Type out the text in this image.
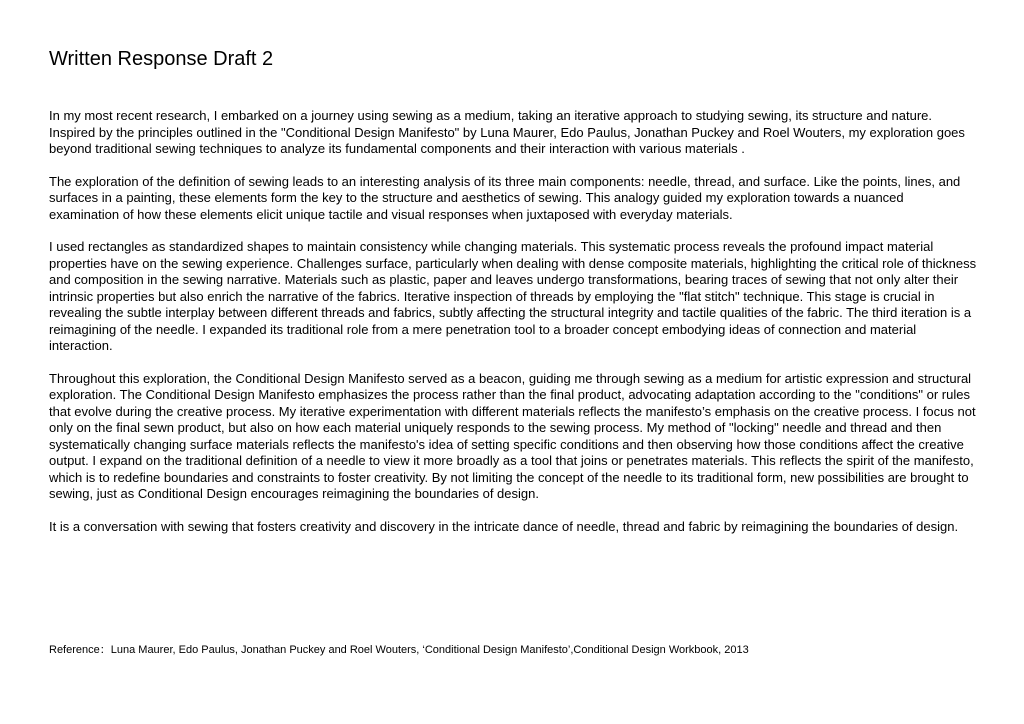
Written Response Draft 2

In my most recent research, I embarked on a journey using sewing as a medium, taking an iterative approach to studying sewing, its structure and nature. Inspired by the principles outlined in the "Conditional Design Manifesto" by Luna Maurer, Edo Paulus, Jonathan Puckey and Roel Wouters, my exploration goes beyond traditional sewing techniques to analyze its fundamental components and their interaction with various materials .

The exploration of the definition of sewing leads to an interesting analysis of its three main components: needle, thread, and surface. Like the points, lines, and surfaces in a painting, these elements form the key to the structure and aesthetics of sewing. This analogy guided my exploration towards a nuanced examination of how these elements elicit unique tactile and visual responses when juxtaposed with everyday materials.

I used rectangles as standardized shapes to maintain consistency while changing materials. This systematic process reveals the profound impact material properties have on the sewing experience. Challenges surface, particularly when dealing with dense composite materials, highlighting the critical role of thickness and composition in the sewing narrative. Materials such as plastic, paper and leaves undergo transformations, bearing traces of sewing that not only alter their intrinsic properties but also enrich the narrative of the fabrics. Iterative inspection of threads by employing the "flat stitch" technique. This stage is crucial in revealing the subtle interplay between different threads and fabrics, subtly affecting the structural integrity and tactile qualities of the fabric. The third iteration is a reimagining of the needle. I expanded its traditional role from a mere penetration tool to a broader concept embodying ideas of connection and material interaction.

Throughout this exploration, the Conditional Design Manifesto served as a beacon, guiding me through sewing as a medium for artistic expression and structural exploration. The Conditional Design Manifesto emphasizes the process rather than the final product, advocating adaptation according to the "conditions" or rules that evolve during the creative process. My iterative experimentation with different materials reflects the manifesto’s emphasis on the creative process. I focus not only on the final sewn product, but also on how each material uniquely responds to the sewing process. My method of "locking" needle and thread and then systematically changing surface materials reflects the manifesto's idea of setting specific conditions and then observing how those conditions affect the creative output. I expand on the traditional definition of a needle to view it more broadly as a tool that joins or penetrates materials. This reflects the spirit of the manifesto, which is to redefine boundaries and constraints to foster creativity. By not limiting the concept of the needle to its traditional form, new possibilities are brought to sewing, just as Conditional Design encourages reimagining the boundaries of design.

It is a conversation with sewing that fosters creativity and discovery in the intricate dance of needle, thread and fabric by reimagining the boundaries of design.

Reference：Luna Maurer, Edo Paulus, Jonathan Puckey and Roel Wouters, ‘Conditional Design Manifesto’,Conditional Design Workbook, 2013
